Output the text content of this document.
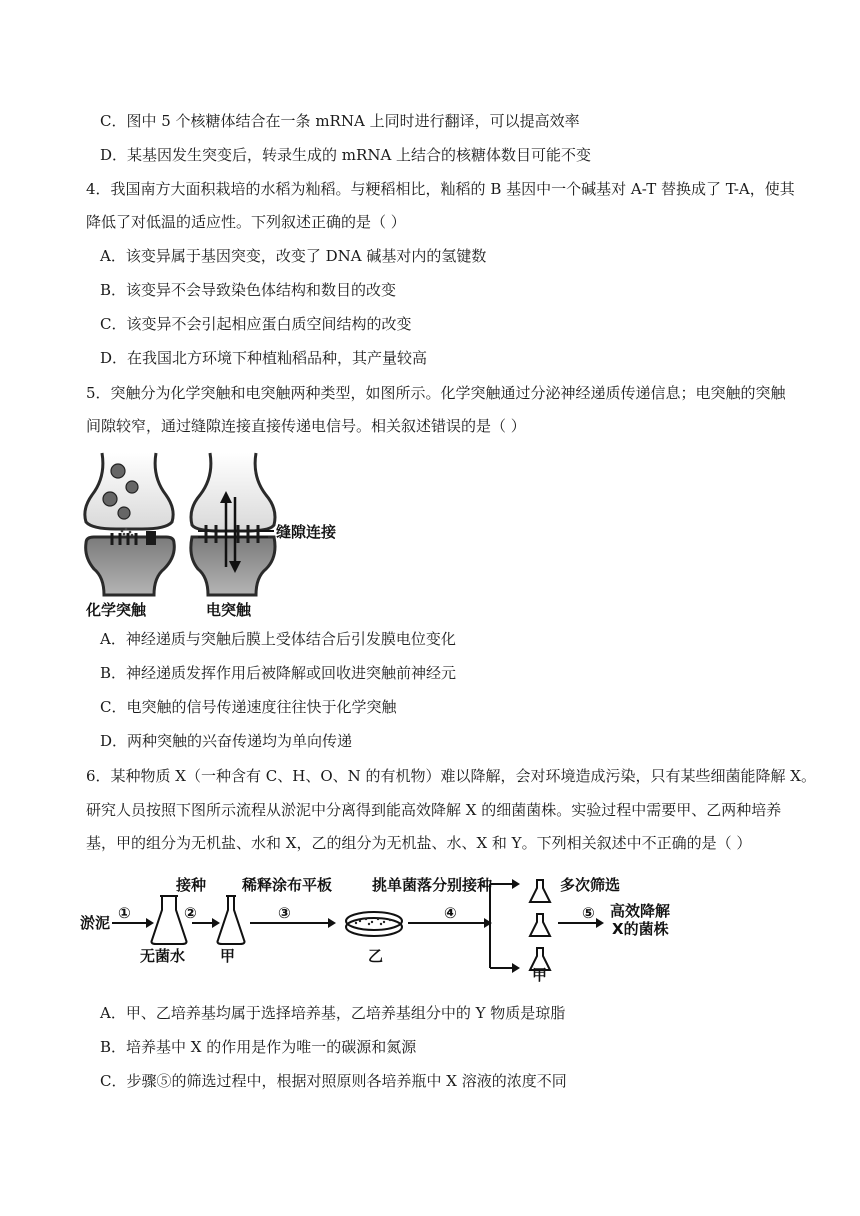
C．图中 5 个核糖体结合在一条 mRNA 上同时进行翻译，可以提高效率
D．某基因发生突变后，转录生成的 mRNA 上结合的核糖体数目可能不变
4．我国南方大面积栽培的水稻为籼稻。与粳稻相比，籼稻的 B 基因中一个碱基对 A-T 替换成了 T-A，使其
降低了对低温的适应性。下列叙述正确的是（ ）
A．该变异属于基因突变，改变了 DNA 碱基对内的氢键数
B．该变异不会导致染色体结构和数目的改变
C．该变异不会引起相应蛋白质空间结构的改变
D．在我国北方环境下种植籼稻品种，其产量较高
5．突触分为化学突触和电突触两种类型，如图所示。化学突触通过分泌神经递质传递信息；电突触的突触
间隙较窄，通过缝隙连接直接传递电信号。相关叙述错误的是（ ）
缝隙连接
化学突触	电突触
A．神经递质与突触后膜上受体结合后引发膜电位变化
B．神经递质发挥作用后被降解或回收进突触前神经元
C．电突触的信号传递速度往往快于化学突触
D．两种突触的兴奋传递均为单向传递
6．某种物质 X（一种含有 C、H、O、N 的有机物）难以降解，会对环境造成污染，只有某些细菌能降解 X。
研究人员按照下图所示流程从淤泥中分离得到能高效降解 X 的细菌菌株。实验过程中需要甲、乙两种培养
基，甲的组分为无机盐、水和 X，乙的组分为无机盐、水、X 和 Y。下列相关叙述中不正确的是（ ）
淤泥
①
接种
②
稀释涂布平板
③
挑单菌落分别接种
④
多次筛选
⑤ 高效降解
X的菌株
无菌水 甲	乙
甲
A．甲、乙培养基均属于选择培养基，乙培养基组分中的 Y 物质是琼脂
B．培养基中 X 的作用是作为唯一的碳源和氮源
C．步骤⑤的筛选过程中，根据对照原则各培养瓶中 X 溶液的浓度不同
